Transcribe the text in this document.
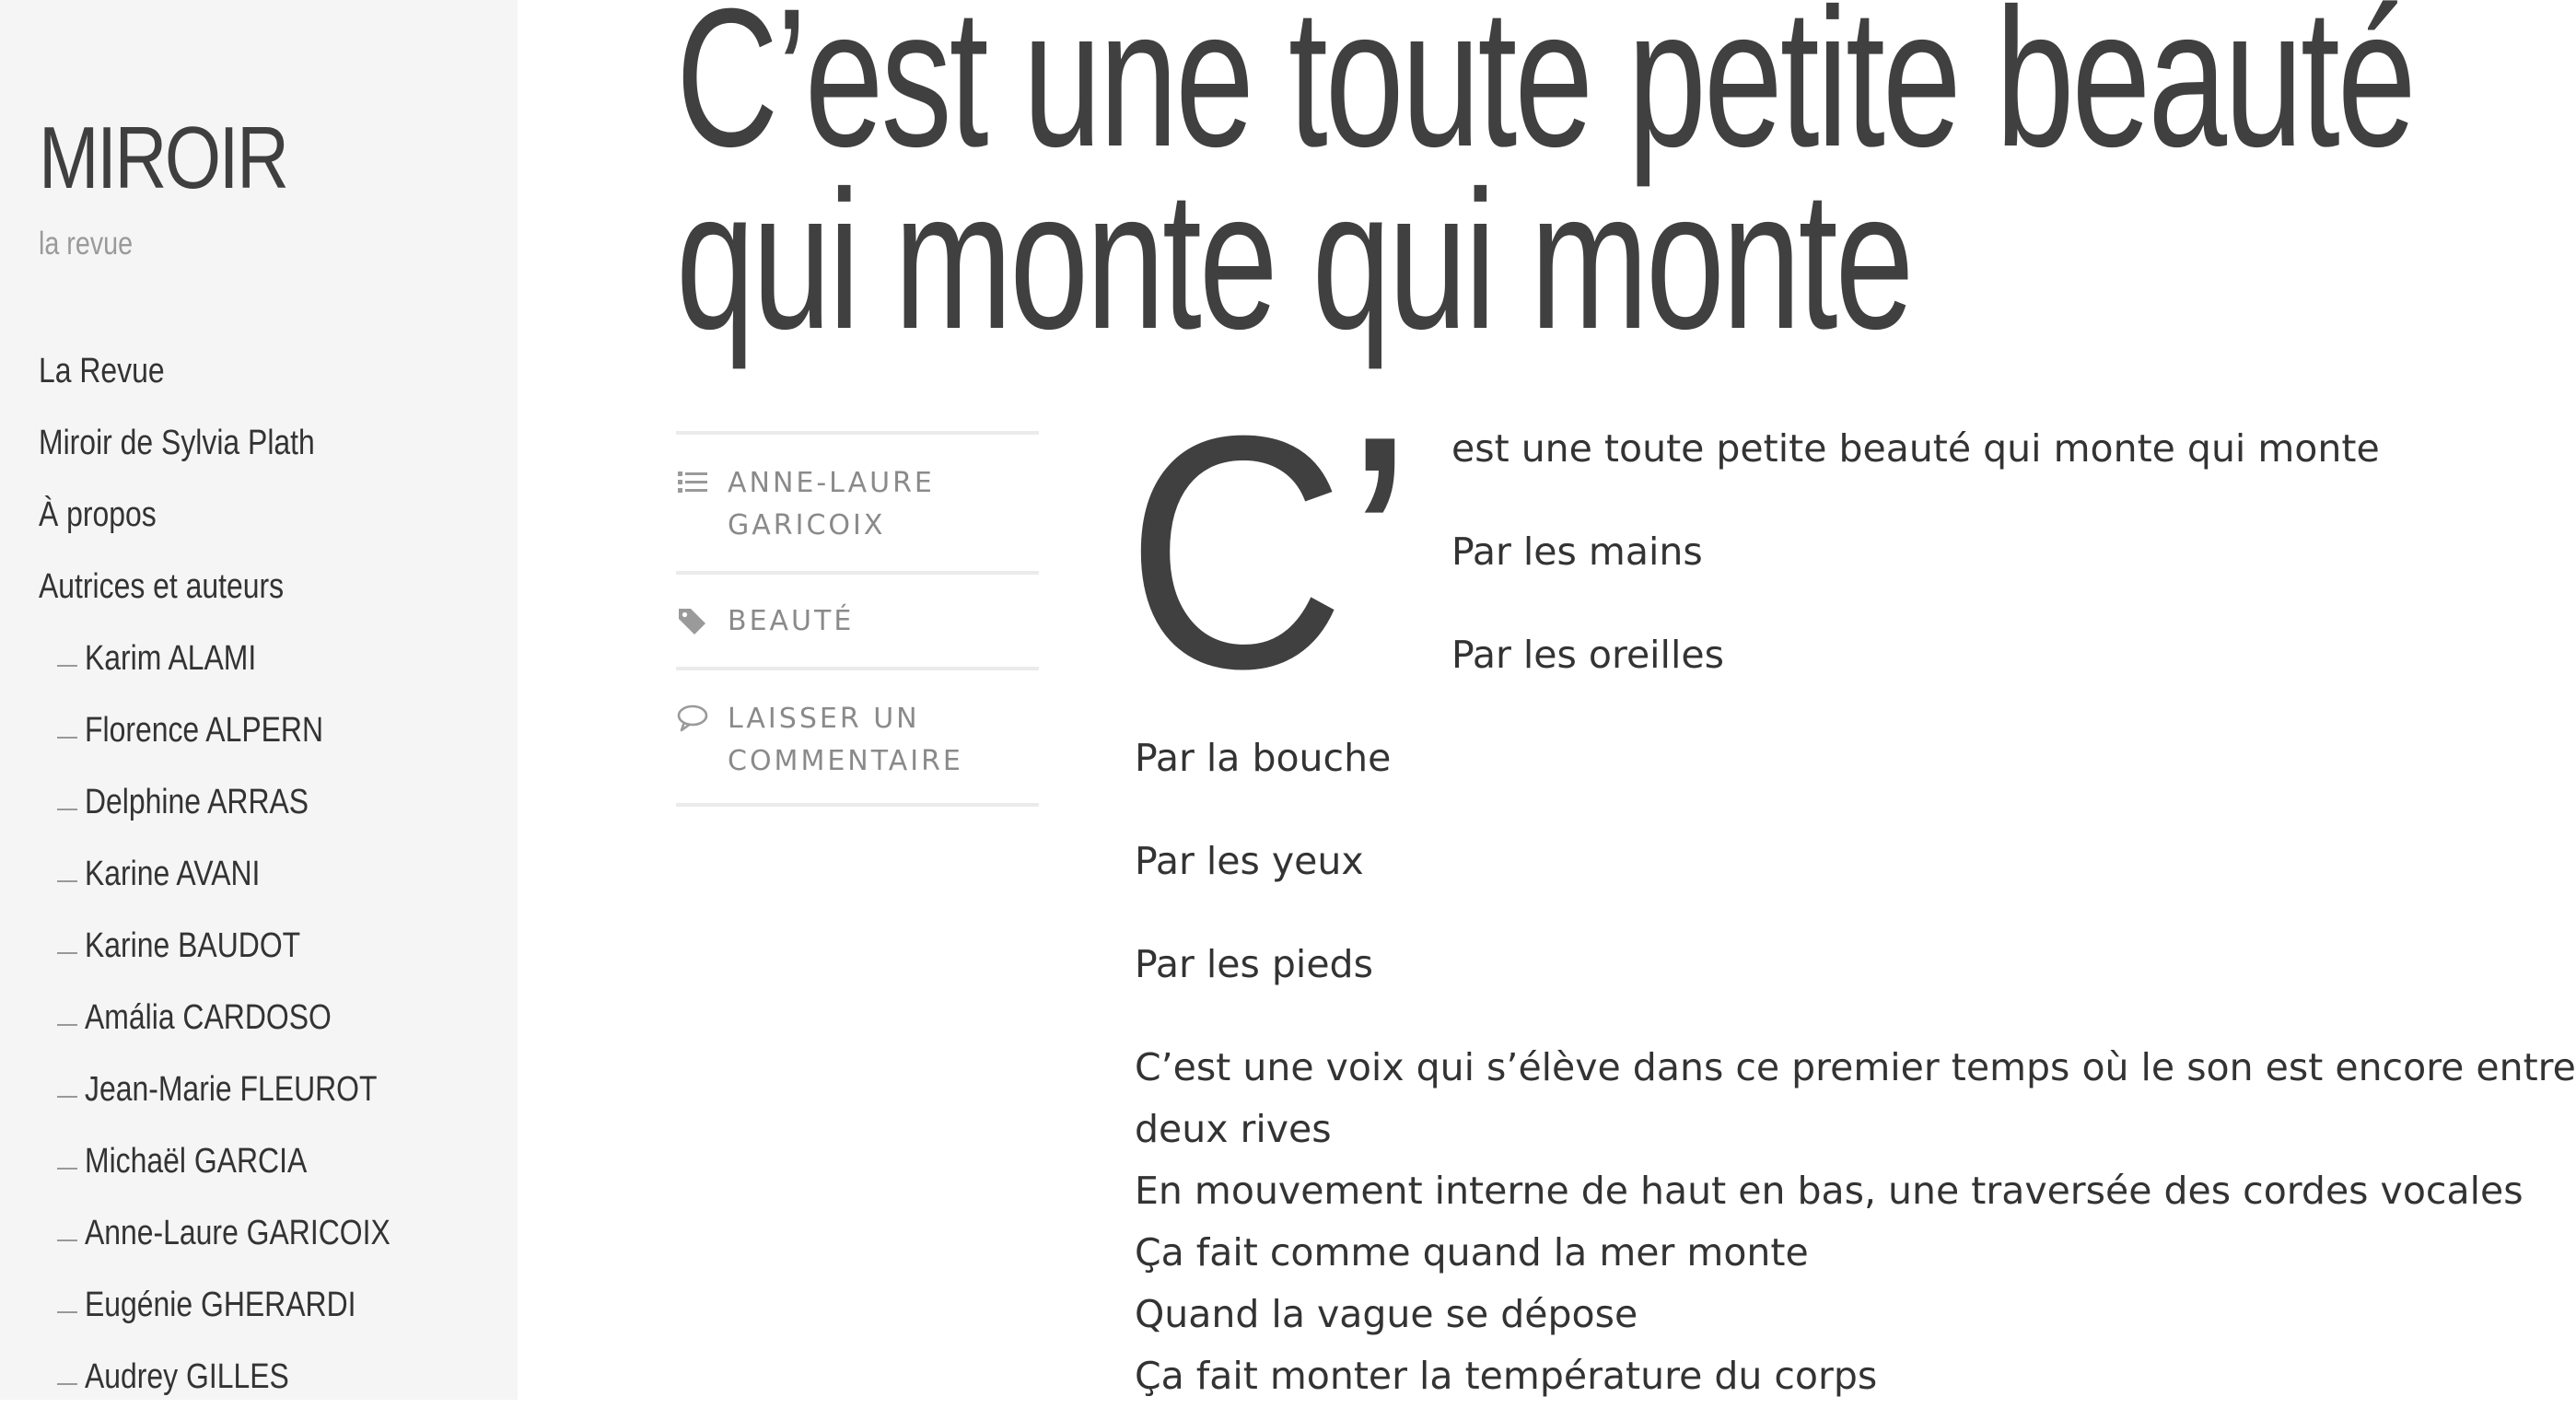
MIROIR
la revue
La Revue
Miroir de Sylvia Plath
À propos
Autrices et auteurs
Karim ALAMI
Florence ALPERN
Delphine ARRAS
Karine AVANI
Karine BAUDOT
Amália CARDOSO
Jean-Marie FLEUROT
Michaël GARCIA
Anne-Laure GARICOIX
Eugénie GHERARDI
Audrey GILLES
C’est une toute petite beauté
qui monte qui monte
ANNE-LAURE
GARICOIX
BEAUTÉ
LAISSER UN
COMMENTAIRE
C’ est une toute petite beauté qui monte qui monte

Par les mains

Par les oreilles

Par la bouche

Par les yeux

Par les pieds

C’est une voix qui s’élève dans ce premier temps où le son est encore entre
deux rives
En mouvement interne de haut en bas, une traversée des cordes vocales
Ça fait comme quand la mer monte
Quand la vague se dépose
Ça fait monter la température du corps
